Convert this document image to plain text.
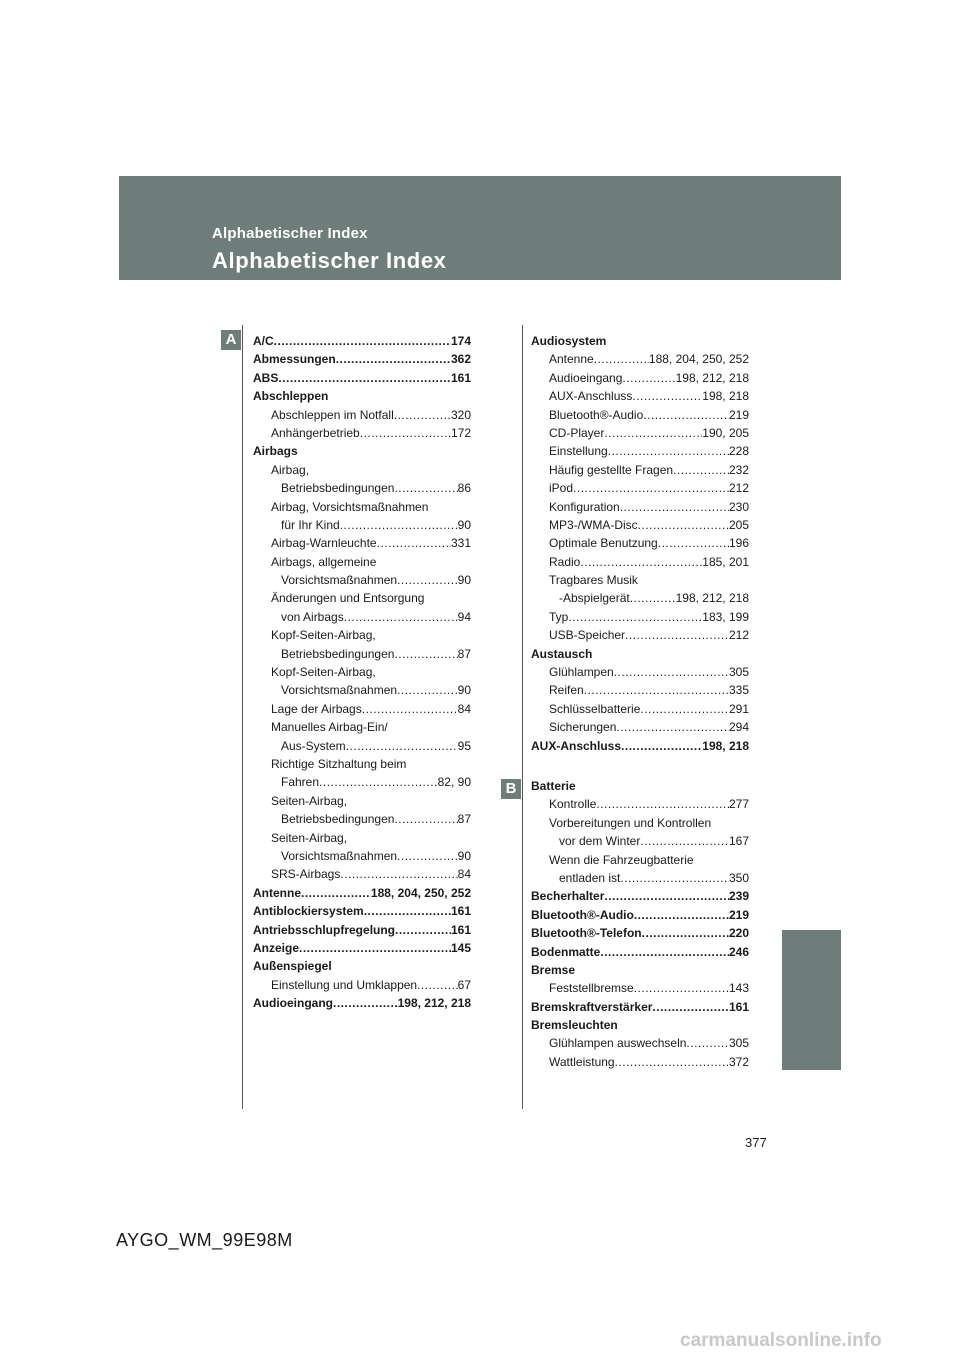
Alphabetischer Index
Alphabetischer Index
A
B
A/C .....	174
Abmessungen .....	362
ABS .....	161
Abschleppen
Abschleppen im Notfall .....	320
Anhängerbetrieb .....	172
Airbags
Airbag,
Betriebsbedingungen .....	86
Airbag, Vorsichtsmaßnahmen
für Ihr Kind .....	90
Airbag-Warnleuchte .....	331
Airbags, allgemeine
Vorsichtsmaßnahmen .....	90
Änderungen und Entsorgung
von Airbags .....	94
Kopf-Seiten-Airbag,
Betriebsbedingungen .....	87
Kopf-Seiten-Airbag,
Vorsichtsmaßnahmen .....	90
Lage der Airbags .....	84
Manuelles Airbag-Ein/
Aus-System .....	95
Richtige Sitzhaltung beim
Fahren .....	82, 90
Seiten-Airbag,
Betriebsbedingungen .....	87
Seiten-Airbag,
Vorsichtsmaßnahmen .....	90
SRS-Airbags .....	84
Antenne .....	188, 204, 250, 252
Antiblockiersystem .....	161
Antriebsschlupfregelung .....	161
Anzeige .....	145
Außenspiegel
Einstellung und Umklappen .....	67
Audioeingang .....	198, 212, 218
Audiosystem
Antenne .....	188, 204, 250, 252
Audioeingang .....	198, 212, 218
AUX-Anschluss .....	198, 218
Bluetooth®-Audio .....	219
CD-Player .....	190, 205
Einstellung .....	228
Häufig gestellte Fragen .....	232
iPod .....	212
Konfiguration .....	230
MP3-/WMA-Disc .....	205
Optimale Benutzung .....	196
Radio .....	185, 201
Tragbares Musik
-Abspielgerät .....	198, 212, 218
Typ .....	183, 199
USB-Speicher .....	212
Austausch
Glühlampen .....	305
Reifen .....	335
Schlüsselbatterie .....	291
Sicherungen .....	294
AUX-Anschluss .....	198, 218
Batterie
Kontrolle .....	277
Vorbereitungen und Kontrollen
vor dem Winter .....	167
Wenn die Fahrzeugbatterie
entladen ist .....	350
Becherhalter .....	239
Bluetooth®-Audio .....	219
Bluetooth®-Telefon .....	220
Bodenmatte .....	246
Bremse
Feststellbremse .....	143
Bremskraftverstärker .....	161
Bremsleuchten
Glühlampen auswechseln .....	305
Wattleistung .....	372
377
AYGO_WM_99E98M
carmanualsonline.info
